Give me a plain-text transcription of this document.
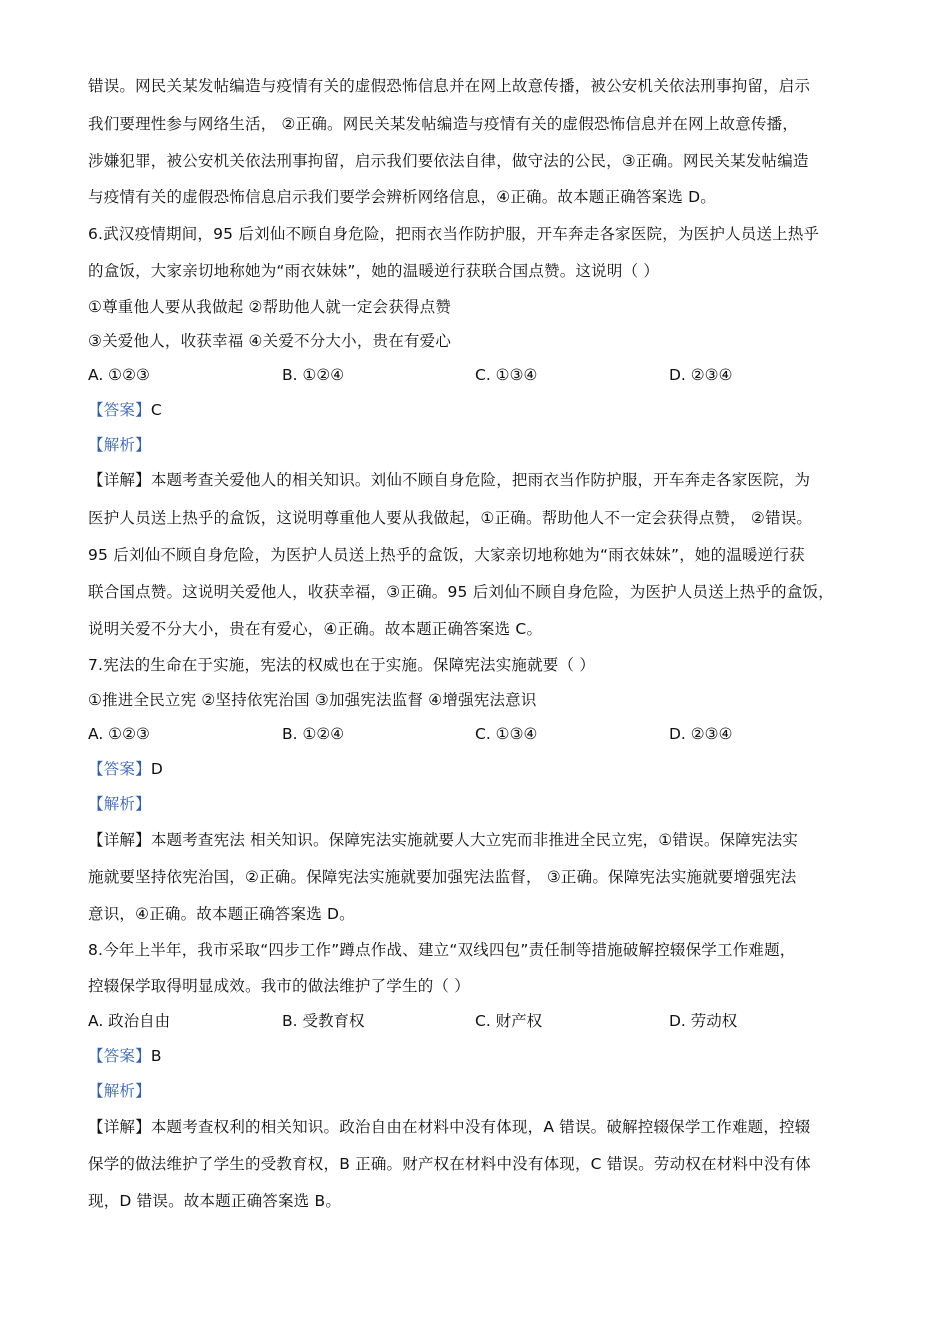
错误。网民关某发帖编造与疫情有关的虚假恐怖信息并在网上故意传播，被公安机关依法刑事拘留，启示
我们要理性参与网络生活， ②正确。网民关某发帖编造与疫情有关的虚假恐怖信息并在网上故意传播，
涉嫌犯罪，被公安机关依法刑事拘留，启示我们要依法自律，做守法的公民，③正确。网民关某发帖编造
与疫情有关的虚假恐怖信息启示我们要学会辨析网络信息，④正确。故本题正确答案选 D。
6.武汉疫情期间，95 后刘仙不顾自身危险，把雨衣当作防护服，开车奔走各家医院，为医护人员送上热乎
的盒饭，大家亲切地称她为“雨衣妹妹”，她的温暖逆行获联合国点赞。这说明（ ）
①尊重他人要从我做起 ②帮助他人就一定会获得点赞
③关爱他人，收获幸福 ④关爱不分大小，贵在有爱心
A. ①②③	B. ①②④	C. ①③④	D. ②③④
【答案】C
【解析】
【详解】本题考查关爱他人的相关知识。刘仙不顾自身危险，把雨衣当作防护服，开车奔走各家医院，为
医护人员送上热乎的盒饭，这说明尊重他人要从我做起，①正确。帮助他人不一定会获得点赞， ②错误。
95 后刘仙不顾自身危险，为医护人员送上热乎的盒饭，大家亲切地称她为“雨衣妹妹”，她的温暖逆行获
联合国点赞。这说明关爱他人，收获幸福，③正确。95 后刘仙不顾自身危险，为医护人员送上热乎的盒饭，
说明关爱不分大小，贵在有爱心，④正确。故本题正确答案选 C。
7.宪法的生命在于实施，宪法的权威也在于实施。保障宪法实施就要（ ）
①推进全民立宪 ②坚持依宪治国 ③加强宪法监督 ④增强宪法意识
A. ①②③	B. ①②④	C. ①③④	D. ②③④
【答案】D
【解析】
【详解】本题考查宪法 相关知识。保障宪法实施就要人大立宪而非推进全民立宪，①错误。保障宪法实
施就要坚持依宪治国，②正确。保障宪法实施就要加强宪法监督， ③正确。保障宪法实施就要增强宪法
意识，④正确。故本题正确答案选 D。
8.今年上半年，我市采取“四步工作”蹲点作战、建立“双线四包”责任制等措施破解控辍保学工作难题，
控辍保学取得明显成效。我市的做法维护了学生的（ ）
A. 政治自由	B. 受教育权	C. 财产权	D. 劳动权
【答案】B
【解析】
【详解】本题考查权利的相关知识。政治自由在材料中没有体现，A 错误。破解控辍保学工作难题，控辍
保学的做法维护了学生的受教育权，B 正确。财产权在材料中没有体现，C 错误。劳动权在材料中没有体
现，D 错误。故本题正确答案选 B。
